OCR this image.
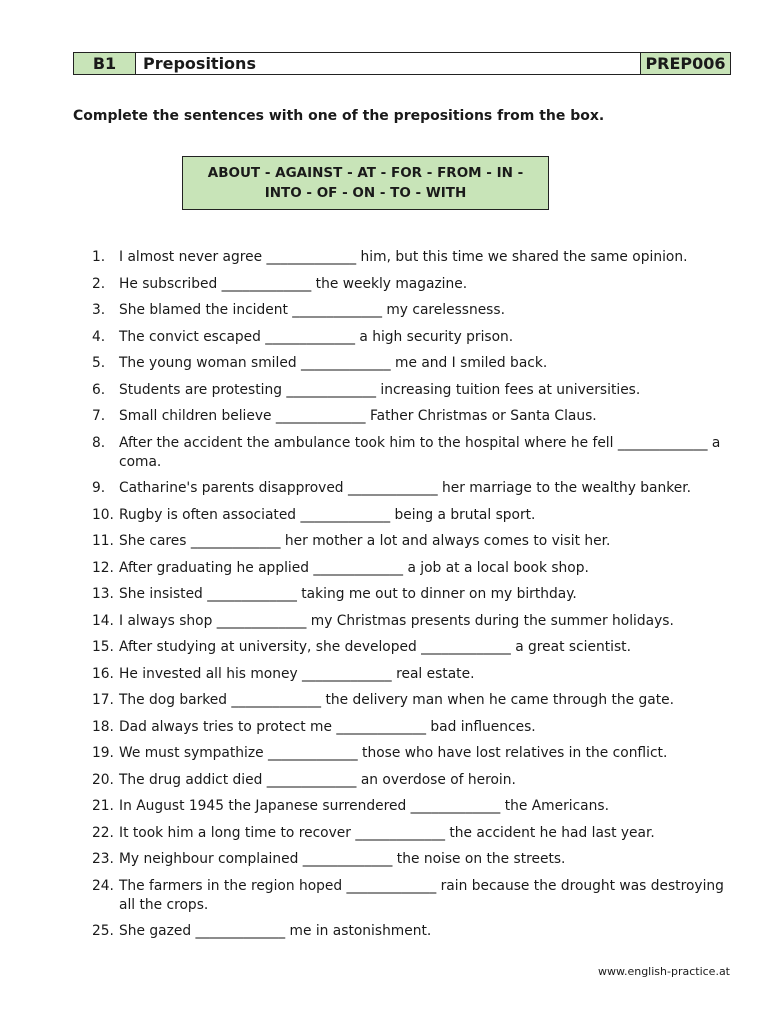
B1	Prepositions	PREP006
Complete the sentences with one of the prepositions from the box.
ABOUT - AGAINST - AT - FOR - FROM - IN -
INTO - OF - ON - TO - WITH
1.	I almost never agree _____________ him, but this time we shared the same opinion.
2.	He subscribed _____________ the weekly magazine.
3.	She blamed the incident _____________ my carelessness.
4.	The convict escaped _____________ a high security prison.
5.	The young woman smiled _____________ me and I smiled back.
6.	Students are protesting _____________ increasing tuition fees at universities.
7.	Small children believe _____________ Father Christmas or Santa Claus.
8.	After the accident the ambulance took him to the hospital where he fell _____________ a coma.
9.	Catharine's parents disapproved _____________ her marriage to the wealthy banker.
10. Rugby is often associated _____________ being a brutal sport.
11. She cares _____________ her mother a lot and always comes to visit her.
12. After graduating he applied _____________ a job at a local book shop.
13. She insisted _____________ taking me out to dinner on my birthday.
14. I always shop _____________ my Christmas presents during the summer holidays.
15. After studying at university, she developed _____________ a great scientist.
16. He invested all his money _____________ real estate.
17. The dog barked _____________ the delivery man when he came through the gate.
18. Dad always tries to protect me _____________ bad influences.
19. We must sympathize _____________ those who have lost relatives in the conflict.
20. The drug addict died _____________ an overdose of heroin.
21. In August 1945 the Japanese surrendered _____________ the Americans.
22. It took him a long time to recover _____________ the accident he had last year.
23. My neighbour complained _____________ the noise on the streets.
24. The farmers in the region hoped _____________ rain because the drought was destroying all the crops.
25. She gazed _____________ me in astonishment.
www.english-practice.at
